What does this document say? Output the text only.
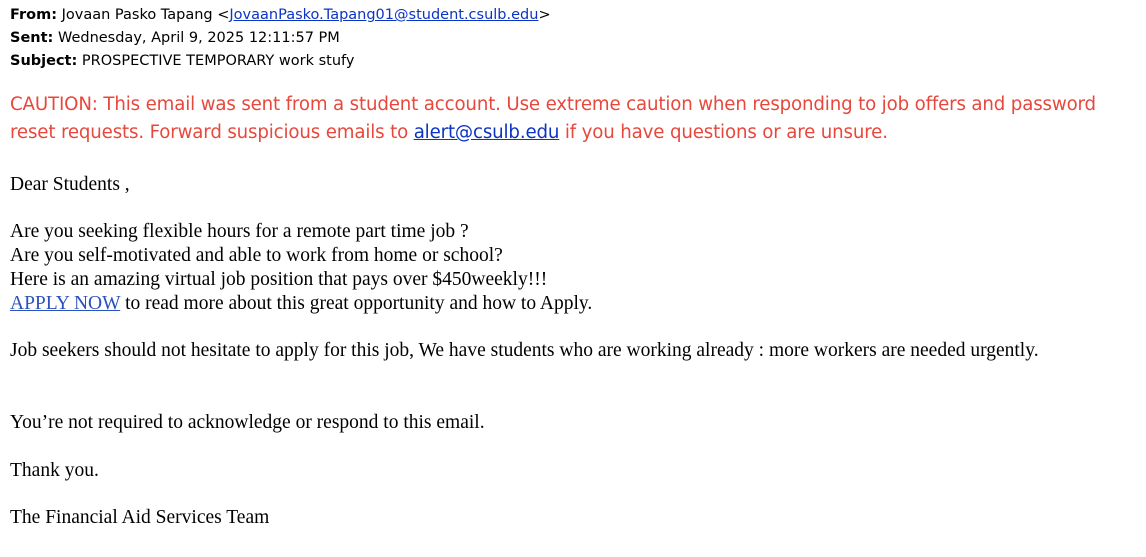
From: Jovaan Pasko Tapang <JovaanPasko.Tapang01@student.csulb.edu>
Sent: Wednesday, April 9, 2025 12:11:57 PM
Subject: PROSPECTIVE TEMPORARY work stufy
CAUTION: This email was sent from a student account. Use extreme caution when responding to job offers and password reset requests. Forward suspicious emails to alert@csulb.edu if you have questions or are unsure.

Dear Students ,

Are you seeking flexible hours for a remote part time job ?

Are you self-motivated and able to work from home or school?

Here is an amazing virtual job position that pays over $450weekly!!!

APPLY NOW to read more about this great opportunity and how to Apply.

Job seekers should not hesitate to apply for this job, We have students who are working already : more workers are needed urgently.

You’re not required to acknowledge or respond to this email.

Thank you.

The Financial Aid Services Team
